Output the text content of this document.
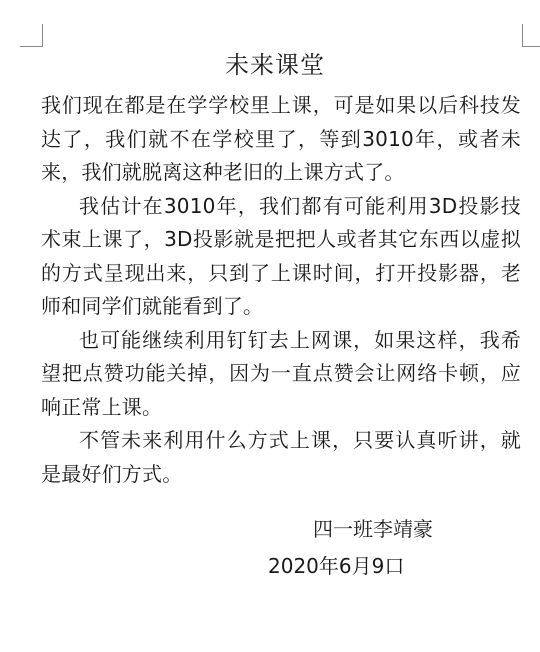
未来课堂

我们现在都是在学学校里上课，可是如果以后科技发达了，我们就不在学校里了，等到3010年，或者未来，我们就脱离这种老旧的上课方式了。

我估计在3010年，我们都有可能利用3D投影技术束上课了，3D投影就是把把人或者其它东西以虚拟的方式呈现出来，只到了上课时间，打开投影器，老师和同学们就能看到了。

也可能继续利用钉钉去上网课，如果这样，我希望把点赞功能关掉，因为一直点赞会让网络卡顿，应响正常上课。

不管未来利用什么方式上课，只要认真听讲，就是最好们方式。

四一班李靖豪

2020年6月9口
